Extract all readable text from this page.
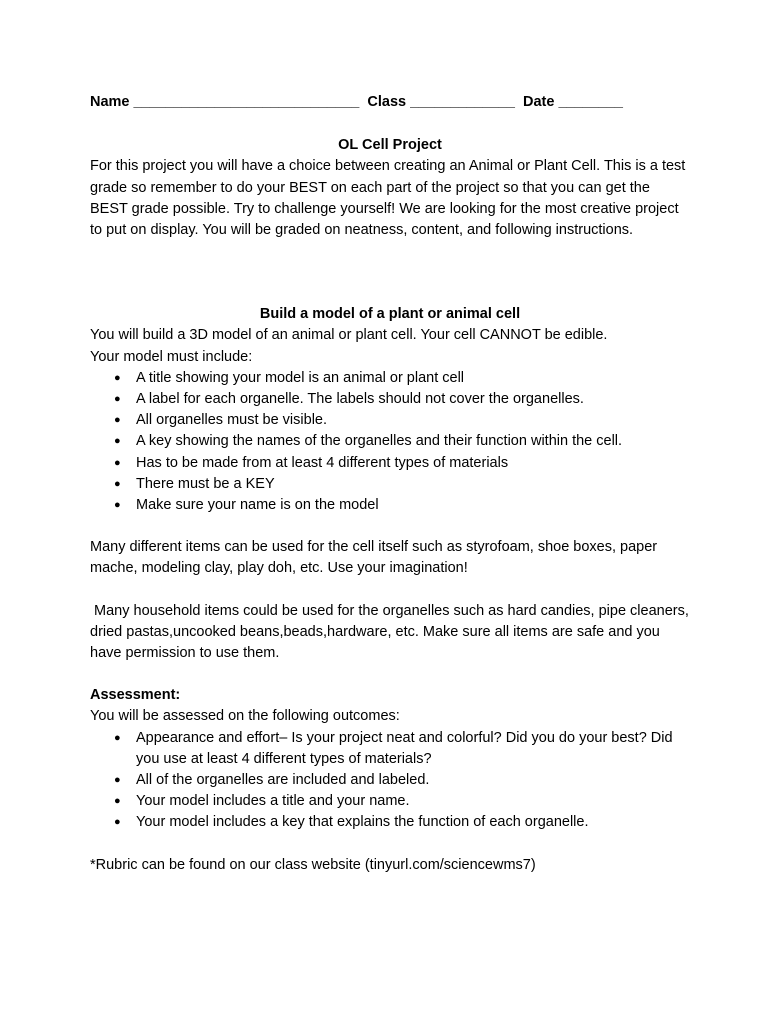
Name ____________________________  Class _____________  Date ________
OL Cell Project

For this project you will have a choice between creating an Animal or Plant Cell. This is a test grade so remember to do your BEST on each part of the project so that you can get the BEST grade possible. Try to challenge yourself! We are looking for the most creative project to put on display. You will be graded on neatness, content, and following instructions.

Build a model of a plant or animal cell

You will build a 3D model of an animal or plant cell. Your cell CANNOT be edible.

Your model must include:

● A title showing your model is an animal or plant cell
● A label for each organelle. The labels should not cover the organelles.
● All organelles must be visible.
● A key showing the names of the organelles and their function within the cell.
● Has to be made from at least 4 different types of materials
● There must be a KEY
● Make sure your name is on the model

Many different items can be used for the cell itself such as styrofoam, shoe boxes, paper mache, modeling clay, play doh, etc. Use your imagination!

Many household items could be used for the organelles such as hard candies, pipe cleaners, dried pastas,uncooked beans,beads,hardware, etc. Make sure all items are safe and you have permission to use them.

Assessment:

You will be assessed on the following outcomes:

● Appearance and effort– Is your project neat and colorful? Did you do your best? Did you use at least 4 different types of materials?
● All of the organelles are included and labeled.
● Your model includes a title and your name.
● Your model includes a key that explains the function of each organelle.

*Rubric can be found on our class website (tinyurl.com/sciencewms7)
